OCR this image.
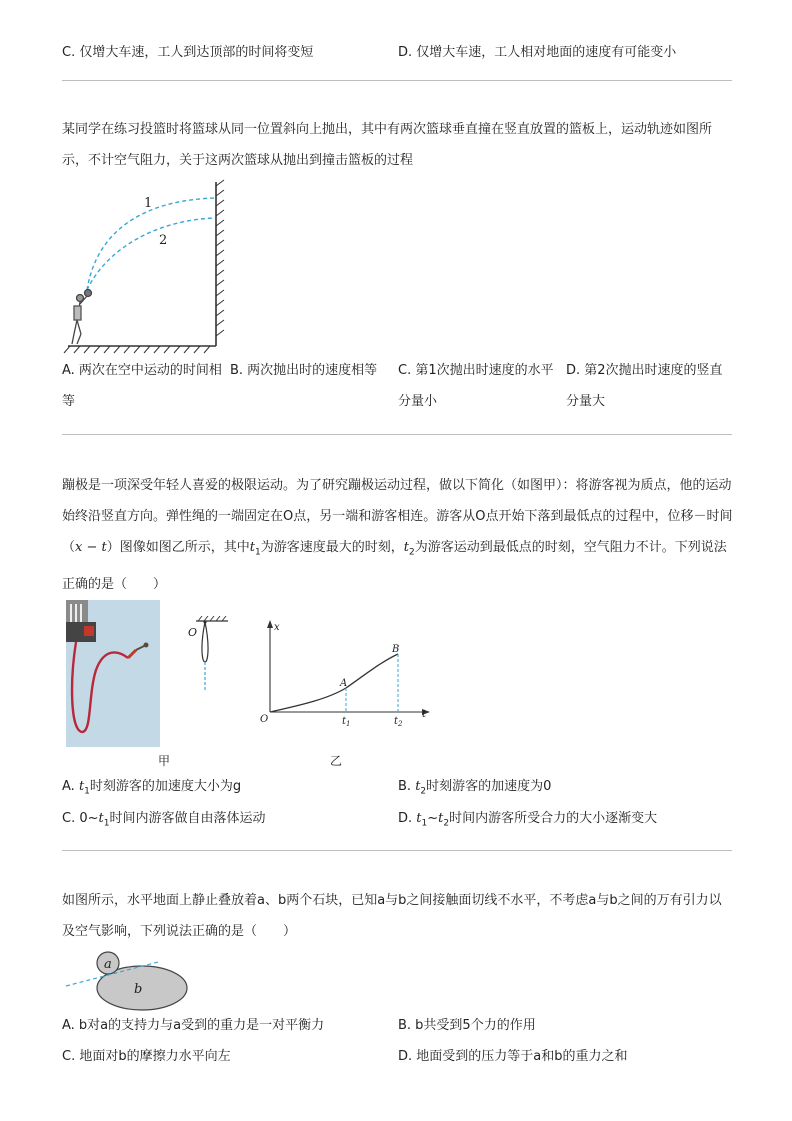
C. 仅增大车速，工人到达顶部的时间将变短	D. 仅增大车速，工人相对地面的速度有可能变小
某同学在练习投篮时将篮球从同一位置斜向上抛出，其中有两次篮球垂直撞在竖直放置的篮板上，运动轨迹如图所示，不计空气阻力，关于这两次篮球从抛出到撞击篮板的过程
1
2
A. 两次在空中运动的时间相等
B. 两次抛出时的速度相等	C. 第1次抛出时速度的水平分量小
D. 第2次抛出时速度的竖直分量大
蹦极是一项深受年轻人喜爱的极限运动。为了研究蹦极运动过程，做以下简化（如图甲）：将游客视为质点，他的运动始终沿竖直方向。弹性绳的一端固定在O点，另一端和游客相连。游客从O点开始下落到最低点的过程中，位移－时间（x − t）图像如图乙所示，其中$t_1$为游客速度最大的时刻，$t_2$为游客运动到最低点的时刻，空气阻力不计。下列说法正确的是（　　）
甲
O	x
t
O
A
B
$t_1$	$t_2$
乙
A. $t_1$时刻游客的加速度大小为g	B. $t_2$时刻游客的加速度为0
C. $0\sim t_1$时间内游客做自由落体运动	D. $t_1\sim t_2$时间内游客所受合力的大小逐渐变大
如图所示，水平地面上静止叠放着a、b两个石块，已知a与b之间接触面切线不水平，不考虑a与b之间的万有引力以及空气影响，下列说法正确的是（　　）
a
b
A. b对a的支持力与a受到的重力是一对平衡力	B. b共受到5个力的作用
C. 地面对b的摩擦力水平向左	D. 地面受到的压力等于a和b的重力之和
